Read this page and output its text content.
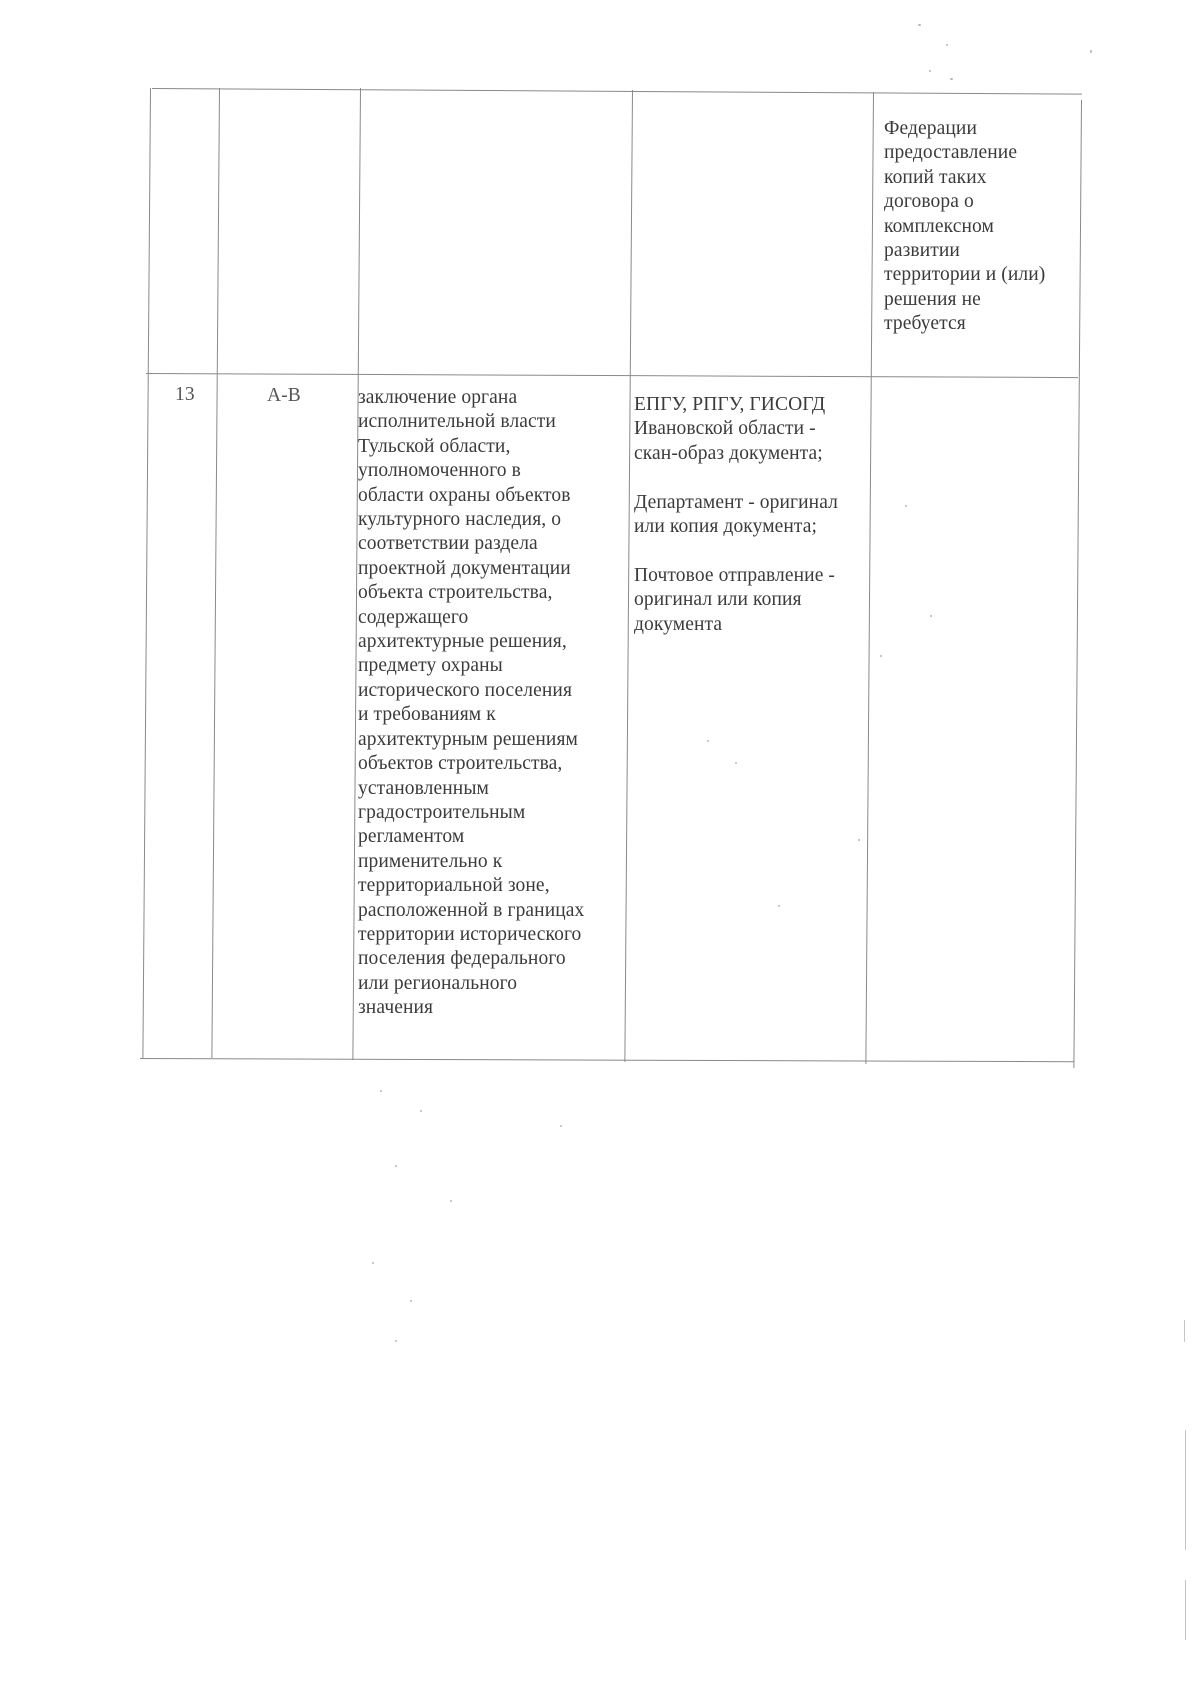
Федерации
предоставление
копий таких
договора о
комплексном
развитии
территории и (или)
решения не
требуется
13	А-В	заключение органа
исполнительной власти
Тульской области,
уполномоченного в
области охраны объектов
культурного наследия, о
соответствии раздела
проектной документации
объекта строительства,
содержащего
архитектурные решения,
предмету охраны
исторического поселения
и требованиям к
архитектурным решениям
объектов строительства,
установленным
градостроительным
регламентом
применительно к
территориальной зоне,
расположенной в границах
территории исторического
поселения федерального
или регионального
значения
ЕПГУ, РПГУ, ГИСОГД
Ивановской области -
скан-образ документа;

Департамент - оригинал
или копия документа;

Почтовое отправление -
оригинал или копия
документа
